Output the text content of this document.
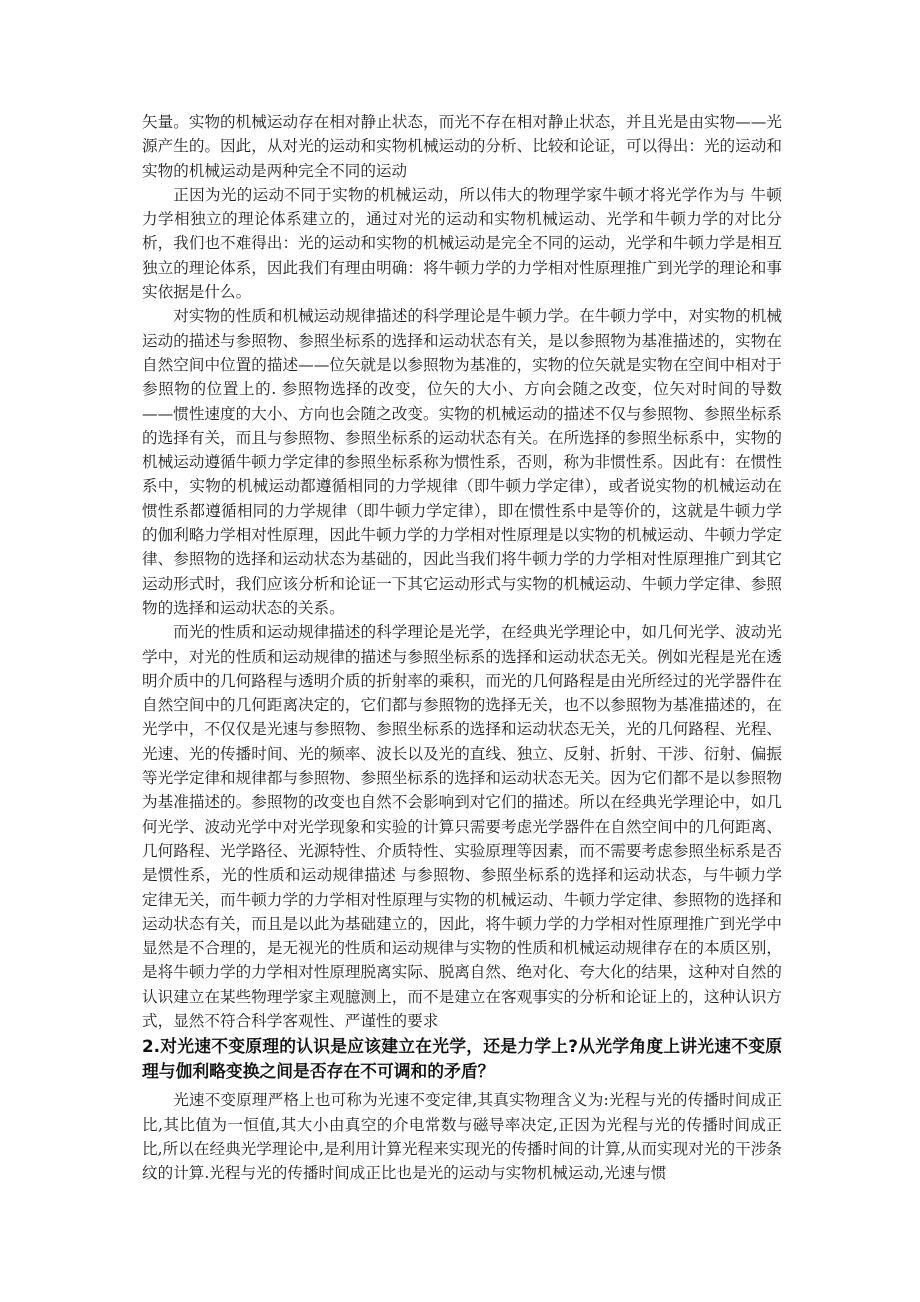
矢量。实物的机械运动存在相对静止状态，而光不存在相对静止状态，并且光是由实物——光源产生的。因此，从对光的运动和实物机械运动的分析、比较和论证，可以得出：光的运动和实物的机械运动是两种完全不同的运动

正因为光的运动不同于实物的机械运动，所以伟大的物理学家牛顿才将光学作为与 牛顿力学相独立的理论体系建立的，通过对光的运动和实物机械运动、光学和牛顿力学的对比分析，我们也不难得出：光的运动和实物的机械运动是完全不同的运动，光学和牛顿力学是相互独立的理论体系，因此我们有理由明确：将牛顿力学的力学相对性原理推广到光学的理论和事实依据是什么。

对实物的性质和机械运动规律描述的科学理论是牛顿力学。在牛顿力学中，对实物的机械运动的描述与参照物、参照坐标系的选择和运动状态有关，是以参照物为基准描述的，实物在自然空间中位置的描述——位矢就是以参照物为基准的，实物的位矢就是实物在空间中相对于参照物的位置上的. 参照物选择的改变，位矢的大小、方向会随之改变，位矢对时间的导数——惯性速度的大小、方向也会随之改变。实物的机械运动的描述不仅与参照物、参照坐标系的选择有关，而且与参照物、参照坐标系的运动状态有关。在所选择的参照坐标系中，实物的机械运动遵循牛顿力学定律的参照坐标系称为惯性系，否则，称为非惯性系。因此有：在惯性系中，实物的机械运动都遵循相同的力学规律（即牛顿力学定律），或者说实物的机械运动在惯性系都遵循相同的力学规律（即牛顿力学定律），即在惯性系中是等价的，这就是牛顿力学的伽利略力学相对性原理，因此牛顿力学的力学相对性原理是以实物的机械运动、牛顿力学定律、参照物的选择和运动状态为基础的，因此当我们将牛顿力学的力学相对性原理推广到其它运动形式时，我们应该分析和论证一下其它运动形式与实物的机械运动、牛顿力学定律、参照物的选择和运动状态的关系。

而光的性质和运动规律描述的科学理论是光学，在经典光学理论中，如几何光学、波动光学中，对光的性质和运动规律的描述与参照坐标系的选择和运动状态无关。例如光程是光在透明介质中的几何路程与透明介质的折射率的乘积，而光的几何路程是由光所经过的光学器件在自然空间中的几何距离决定的，它们都与参照物的选择无关，也不以参照物为基准描述的，在光学中，不仅仅是光速与参照物、参照坐标系的选择和运动状态无关，光的几何路程、光程、光速、光的传播时间、光的频率、波长以及光的直线、独立、反射、折射、干涉、衍射、偏振等光学定律和规律都与参照物、参照坐标系的选择和运动状态无关。因为它们都不是以参照物为基准描述的。参照物的改变也自然不会影响到对它们的描述。所以在经典光学理论中，如几何光学、波动光学中对光学现象和实验的计算只需要考虑光学器件在自然空间中的几何距离、几何路程、光学路径、光源特性、介质特性、实验原理等因素，而不需要考虑参照坐标系是否是惯性系，光的性质和运动规律描述 与参照物、参照坐标系的选择和运动状态，与牛顿力学定律无关，而牛顿力学的力学相对性原理与实物的机械运动、牛顿力学定律、参照物的选择和运动状态有关，而且是以此为基础建立的，因此，将牛顿力学的力学相对性原理推广到光学中显然是不合理的，是无视光的性质和运动规律与实物的性质和机械运动规律存在的本质区别，是将牛顿力学的力学相对性原理脱离实际、脱离自然、绝对化、夸大化的结果，这种对自然的认识建立在某些物理学家主观臆测上，而不是建立在客观事实的分析和论证上的，这种认识方式，显然不符合科学客观性、严谨性的要求

2.对光速不变原理的认识是应该建立在光学，还是力学上?从光学角度上讲光速不变原理与伽利略变换之间是否存在不可调和的矛盾？

光速不变原理严格上也可称为光速不变定律,其真实物理含义为:光程与光的传播时间成正比,其比值为一恒值,其大小由真空的介电常数与磁导率决定,正因为光程与光的传播时间成正比,所以在经典光学理论中,是利用计算光程来实现光的传播时间的计算,从而实现对光的干涉条纹的计算.光程与光的传播时间成正比也是光的运动与实物机械运动,光速与惯
